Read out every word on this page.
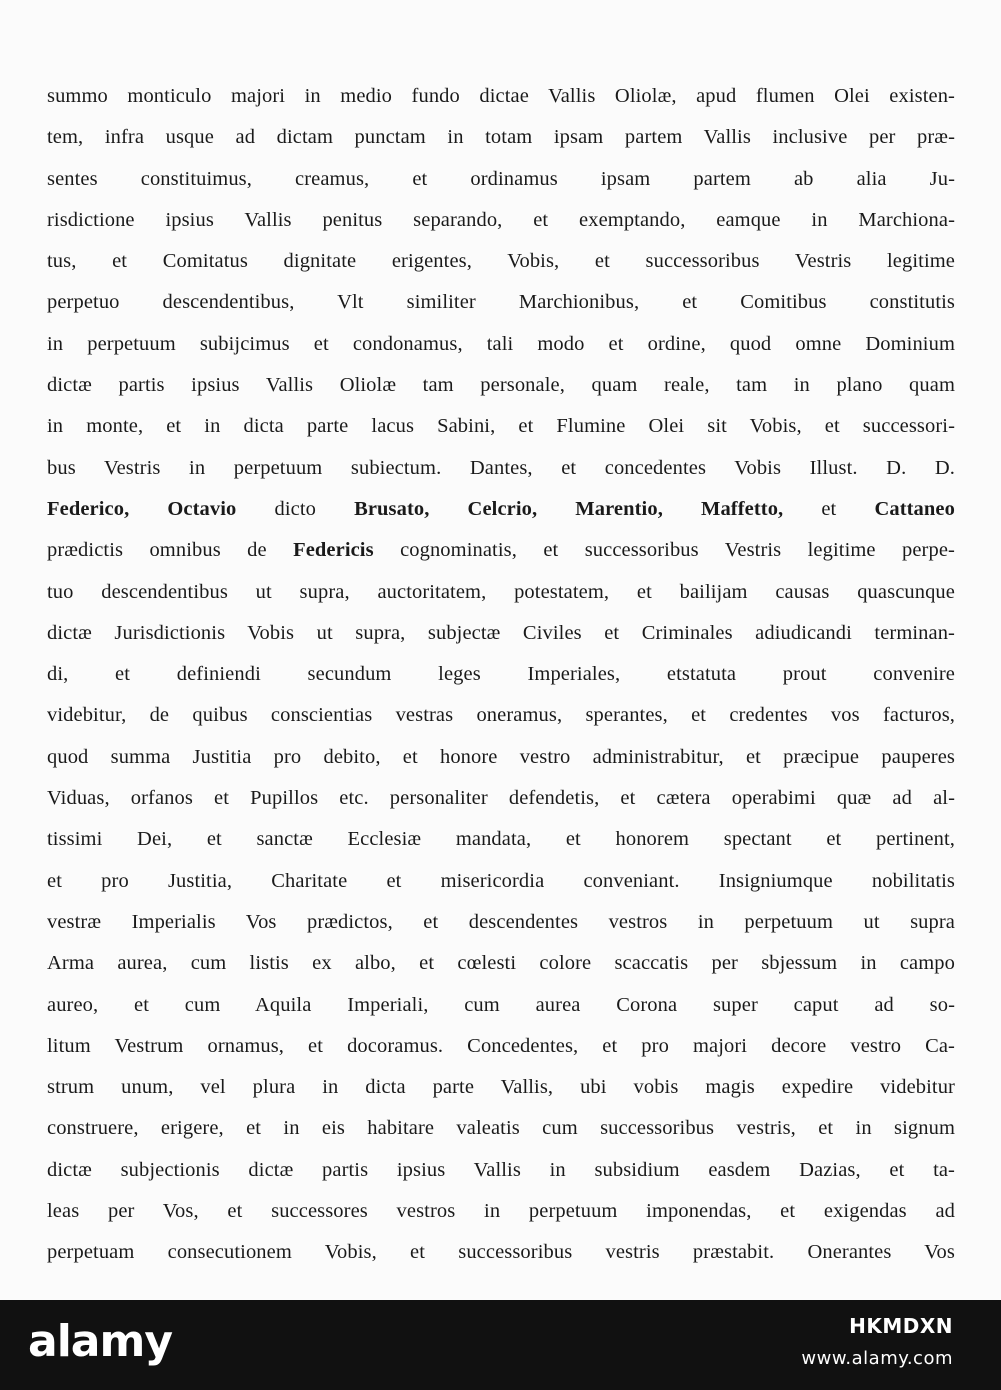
summo monticulo majori in medio fundo dictae Vallis Oliolæ, apud flumen Olei existen-
tem, infra usque ad dictam punctam in totam ipsam partem Vallis inclusive per præ-
sentes constituimus, creamus, et ordinamus ipsam partem ab alia Ju-
risdictione ipsius Vallis penitus separando, et exemptando, eamque in Marchiona-
tus, et Comitatus dignitate erigentes, Vobis, et successoribus Vestris legitime
perpetuo descendentibus, Vlt similiter Marchionibus, et Comitibus constitutis
in perpetuum subijcimus et condonamus, tali modo et ordine, quod omne Dominium
dictæ partis ipsius Vallis Oliolæ tam personale, quam reale, tam in plano quam
in monte, et in dicta parte lacus Sabini, et Flumine Olei sit Vobis, et successori-
bus Vestris in perpetuum subiectum. Dantes, et concedentes Vobis Illust. D. D.
Federico, Octavio dicto Brusato, Celcrio, Marentio, Maffetto, et Cattaneo
prædictis omnibus de Federicis cognominatis, et successoribus Vestris legitime perpe-
tuo descendentibus ut supra, auctoritatem, potestatem, et bailijam causas quascunque
dictæ Jurisdictionis Vobis ut supra, subjectæ Civiles et Criminales adiudicandi terminan-
di, et definiendi secundum leges Imperiales, etstatuta prout convenire
videbitur, de quibus conscientias vestras oneramus, sperantes, et credentes vos facturos,
quod summa Justitia pro debito, et honore vestro administrabitur, et præcipue pauperes
Viduas, orfanos et Pupillos etc. personaliter defendetis, et cætera operabimi quæ ad al-
tissimi Dei, et sanctæ Ecclesiæ mandata, et honorem spectant et pertinent,
et pro Justitia, Charitate et misericordia conveniant. Insigniumque nobilitatis
vestræ Imperialis Vos prædictos, et descendentes vestros in perpetuum ut supra
Arma aurea, cum listis ex albo, et cœlesti colore scaccatis per sbjessum in campo
aureo, et cum Aquila Imperiali, cum aurea Corona super caput ad so-
litum Vestrum ornamus, et docoramus. Concedentes, et pro majori decore vestro Ca-
strum unum, vel plura in dicta parte Vallis, ubi vobis magis expedire videbitur
construere, erigere, et in eis habitare valeatis cum successoribus vestris, et in signum
dictæ subjectionis dictæ partis ipsius Vallis in subsidium easdem Dazias, et ta-
leas per Vos, et successores vestros in perpetuum imponendas, et exigendas ad
perpetuam consecutionem Vobis, et successoribus vestris præstabit. Onerantes Vos
alamy	HKMDXN
www.alamy.com
